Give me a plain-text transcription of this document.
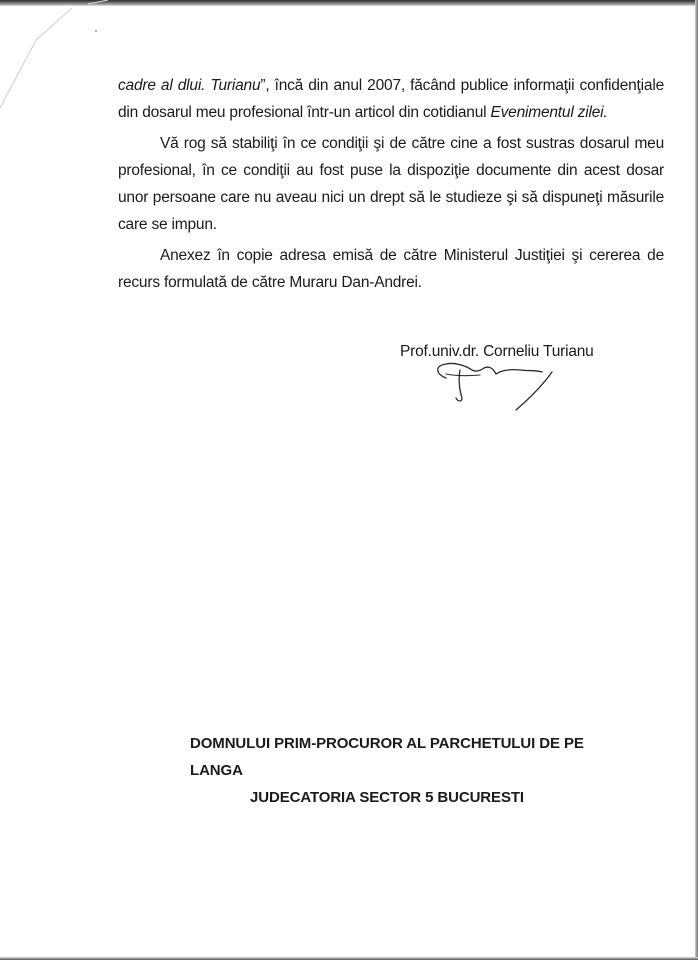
cadre al dlui. Turianu”, încă din anul 2007, făcând publice informaţii confidenţiale din dosarul meu profesional într-un articol din cotidianul Evenimentul zilei.

Vă rog să stabiliţi în ce condiţii şi de către cine a fost sustras dosarul meu profesional, în ce condiţii au fost puse la dispoziţie documente din acest dosar unor persoane care nu aveau nici un drept să le studieze şi să dispuneţi măsurile care se impun.

Anexez în copie adresa emisă de către Ministerul Justiţiei şi cererea de recurs formulată de către Muraru Dan-Andrei.

Prof.univ.dr. Corneliu Turianu
DOMNULUI PRIM-PROCUROR AL PARCHETULUI DE PE LANGA
JUDECATORIA SECTOR 5 BUCURESTI
